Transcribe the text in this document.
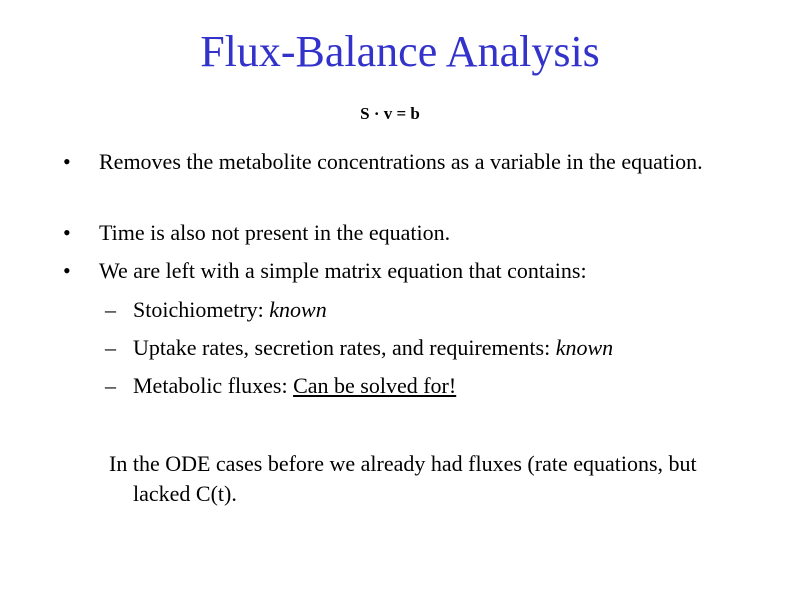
Flux-Balance Analysis
S · v = b
• Removes the metabolite concentrations as a variable in the equation.
• Time is also not present in the equation.
• We are left with a simple matrix equation that contains:
– Stoichiometry: known
– Uptake rates, secretion rates, and requirements: known
– Metabolic fluxes: Can be solved for!
In the ODE cases before we already had fluxes (rate equations, but lacked C(t).
